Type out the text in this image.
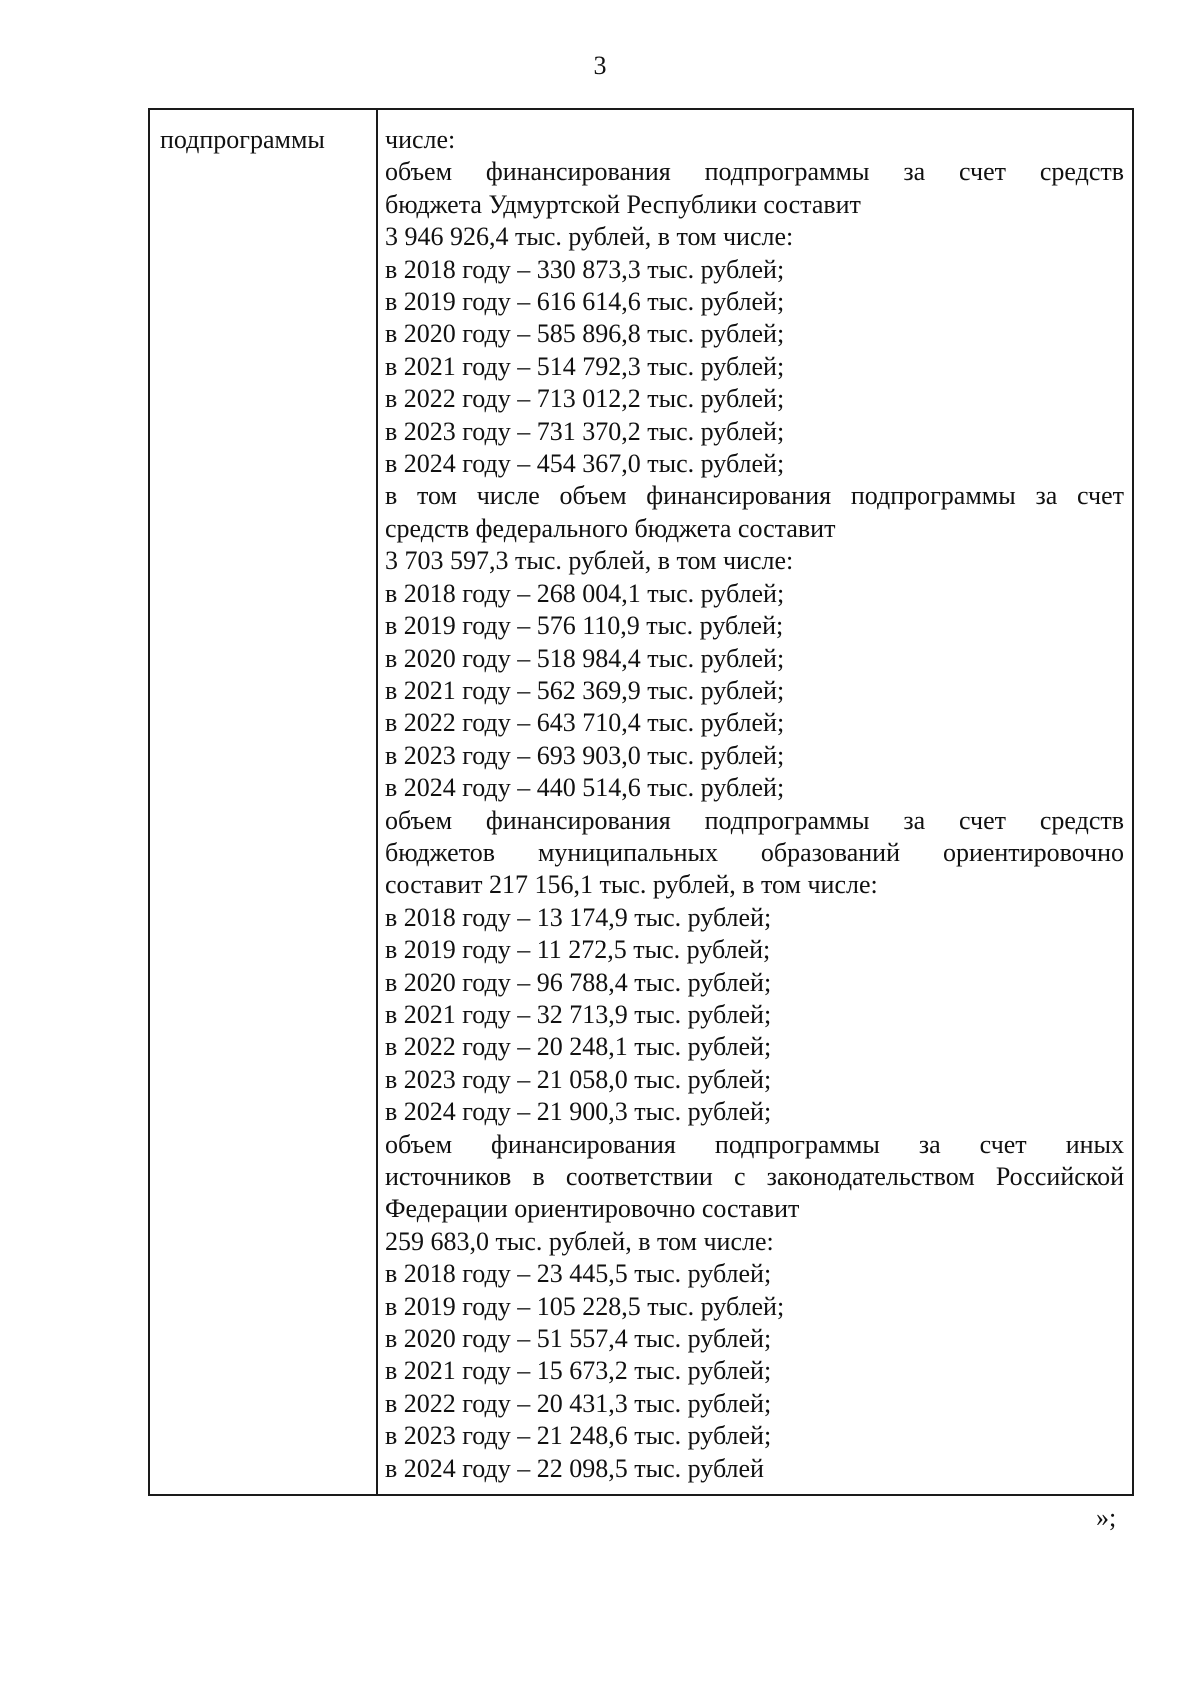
3
подпрограммы	числе:
объем финансирования подпрограммы за счет средств
бюджета Удмуртской Республики составит
3 946 926,4 тыс. рублей, в том числе:
в 2018 году – 330 873,3 тыс. рублей;
в 2019 году – 616 614,6 тыс. рублей;
в 2020 году – 585 896,8 тыс. рублей;
в 2021 году – 514 792,3 тыс. рублей;
в 2022 году – 713 012,2 тыс. рублей;
в 2023 году – 731 370,2 тыс. рублей;
в 2024 году – 454 367,0 тыс. рублей;
в том числе объем финансирования подпрограммы за счет
средств федерального бюджета составит
3 703 597,3 тыс. рублей, в том числе:
в 2018 году – 268 004,1 тыс. рублей;
в 2019 году – 576 110,9 тыс. рублей;
в 2020 году – 518 984,4 тыс. рублей;
в 2021 году – 562 369,9 тыс. рублей;
в 2022 году – 643 710,4 тыс. рублей;
в 2023 году – 693 903,0 тыс. рублей;
в 2024 году – 440 514,6 тыс. рублей;
объем финансирования подпрограммы за счет средств
бюджетов муниципальных образований ориентировочно
составит 217 156,1 тыс. рублей, в том числе:
в 2018 году – 13 174,9 тыс. рублей;
в 2019 году – 11 272,5 тыс. рублей;
в 2020 году – 96 788,4 тыс. рублей;
в 2021 году – 32 713,9 тыс. рублей;
в 2022 году – 20 248,1 тыс. рублей;
в 2023 году – 21 058,0 тыс. рублей;
в 2024 году – 21 900,3 тыс. рублей;
объем финансирования подпрограммы за счет иных
источников в соответствии с законодательством Российской
Федерации ориентировочно составит
259 683,0 тыс. рублей, в том числе:
в 2018 году – 23 445,5 тыс. рублей;
в 2019 году – 105 228,5 тыс. рублей;
в 2020 году – 51 557,4 тыс. рублей;
в 2021 году – 15 673,2 тыс. рублей;
в 2022 году – 20 431,3 тыс. рублей;
в 2023 году – 21 248,6 тыс. рублей;
в 2024 году – 22 098,5 тыс. рублей
»;
